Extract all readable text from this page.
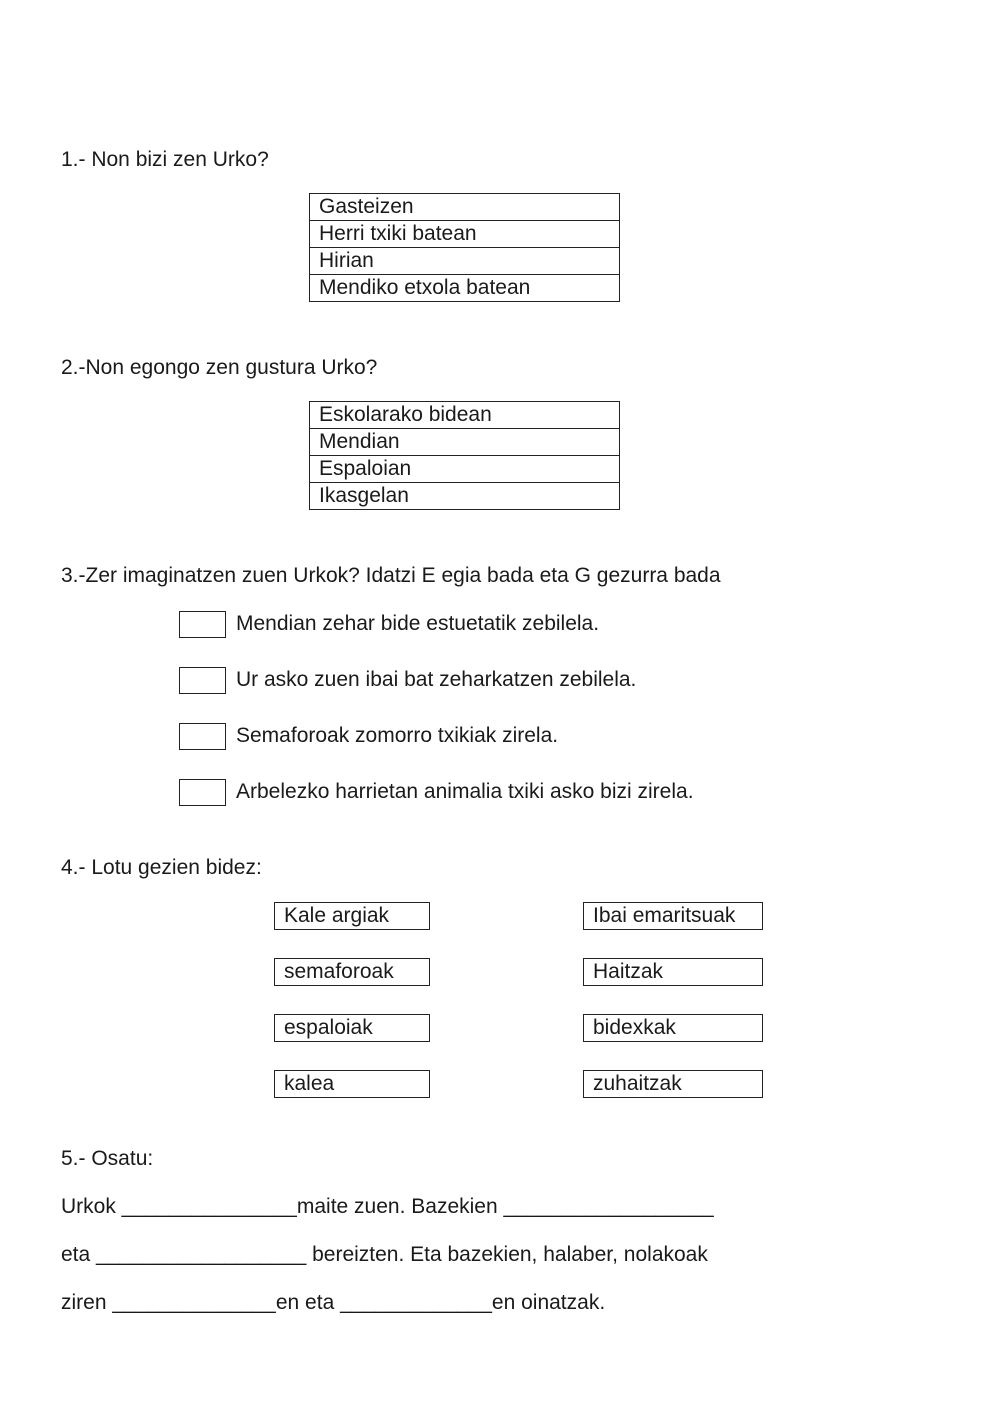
1.- Non bizi zen Urko?
Gasteizen
Herri txiki batean
Hirian
Mendiko etxola batean
2.-Non egongo zen gustura Urko?
Eskolarako bidean
Mendian
Espaloian
Ikasgelan
3.-Zer imaginatzen zuen Urkok? Idatzi E egia bada eta G gezurra bada
Mendian zehar bide estuetatik zebilela.
Ur asko zuen ibai bat zeharkatzen zebilela.
Semaforoak zomorro txikiak zirela.
Arbelezko harrietan animalia txiki asko bizi zirela.
4.- Lotu gezien bidez:
Kale argiak
semaforoak
espaloiak
kalea
Ibai emaritsuak
Haitzak
bidexkak
zuhaitzak
5.- Osatu:
Urkok _______________maite zuen. Bazekien __________________
eta __________________ bereizten. Eta bazekien, halaber, nolakoak
ziren ______________en eta _____________en oinatzak.
